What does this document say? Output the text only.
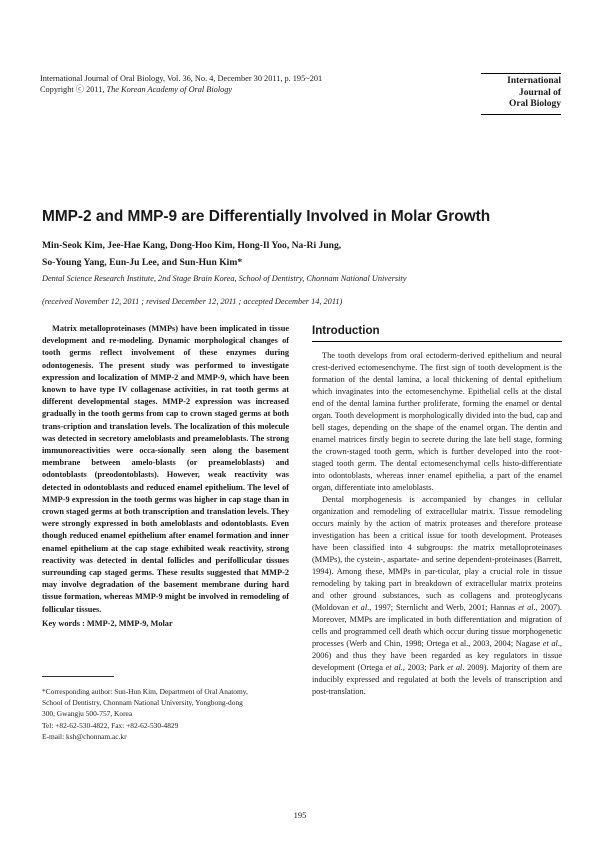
International Journal of Oral Biology, Vol. 36, No. 4, December 30 2011, p. 195~201
Copyright ⓒ 2011, The Korean Academy of Oral Biology
International
Journal of
Oral Biology
MMP-2 and MMP-9 are Differentially Involved in Molar Growth
Min-Seok Kim, Jee-Hae Kang, Dong-Hoo Kim, Hong-Il Yoo, Na-Ri Jung,
So-Young Yang, Eun-Ju Lee, and Sun-Hun Kim*
Dental Science Research Institute, 2nd Stage Brain Korea, School of Dentistry, Chonnam National University
(received November 12, 2011 ; revised December 12, 2011 ; accepted December 14, 2011)

Matrix metalloproteinases (MMPs) have been implicated in tissue development and re-modeling. Dynamic morphological changes of tooth germs reflect involvement of these enzymes during odontogenesis. The present study was performed to investigate expression and localization of MMP-2 and MMP-9, which have been known to have type IV collagenase activities, in rat tooth germs at different developmental stages. MMP-2 expression was increased gradually in the tooth germs from cap to crown staged germs at both trans-cription and translation levels. The localization of this molecule was detected in secretory ameloblasts and preameloblasts. The strong immunoreactivities were occa-sionally seen along the basement membrane between amelo-blasts (or preameloblasts) and odontoblasts (preodontoblasts). However, weak reactivity was detected in odontoblasts and reduced enamel epithelium. The level of MMP-9 expression in the tooth germs was higher in cap stage than in crown staged germs at both transcription and translation levels. They were strongly expressed in both ameloblasts and odontoblasts. Even though reduced enamel epithelium after enamel formation and inner enamel epithelium at the cap stage exhibited weak reactivity, strong reactivity was detected in dental follicles and perifollicular tissues surrounding cap staged germs. These results suggested that MMP-2 may involve degradation of the basement membrane during hard tissue formation, whereas MMP-9 might be involved in remodeling of follicular tissues.

Key words : MMP-2, MMP-9, Molar
*Corresponding author: Sun-Hun Kim, Department of Oral Anatomy,
School of Dentistry, Chonnam National University, Yongbong-dong
300, Gwangju 500-757, Korea
Tel: +82-62-530-4822, Fax: +82-62-530-4829
E-mail: ksh@chonnam.ac.kr
Introduction

The tooth develops from oral ectoderm-derived epithelium and neural crest-derived ectomesenchyme. The first sign of tooth development is the formation of the dental lamina, a local thickening of dental epithelium which invaginates into the ectomesenchyme. Epithelial cells at the distal end of the dental lamina further proliferate, forming the enamel or dental organ. Tooth development is morphologically divided into the bud, cap and bell stages, depending on the shape of the enamel organ. The dentin and enamel matrices firstly begin to secrete during the late bell stage, forming the crown-staged tooth germ, which is further developed into the root-staged tooth germ. The dental ectomesenchymal cells histo-differentiate into odontoblasts, whereas inner enamel epithelia, a part of the enamel organ, differentiate into ameloblasts.

Dental morphogenesis is accompanied by changes in cellular organization and remodeling of extracellular matrix. Tissue remodeling occurs mainly by the action of matrix proteases and therefore protease investigation has been a critical issue for tooth development. Proteases have been classified into 4 subgroups: the matrix metalloproteinases (MMPs), the cystein-, aspartate- and serine dependent-proteinases (Barrett, 1994). Among these, MMPs in par-ticular, play a crucial role in tissue remodeling by taking part in breakdown of extracellular matrix proteins and other ground substances, such as collagens and proteoglycans (Moldovan et al., 1997; Sternlicht and Werb, 2001; Hannas et al., 2007). Moreover, MMPs are implicated in both differentiation and migration of cells and programmed cell death which occur during tissue morphogenetic processes (Werb and Chin, 1998; Ortega et al., 2003, 2004; Nagase et al., 2006) and thus they have been regarded as key regulators in tissue development (Ortega et al., 2003; Park et al. 2009). Majority of them are inducibly expressed and regulated at both the levels of transcription and post-translation.

195
